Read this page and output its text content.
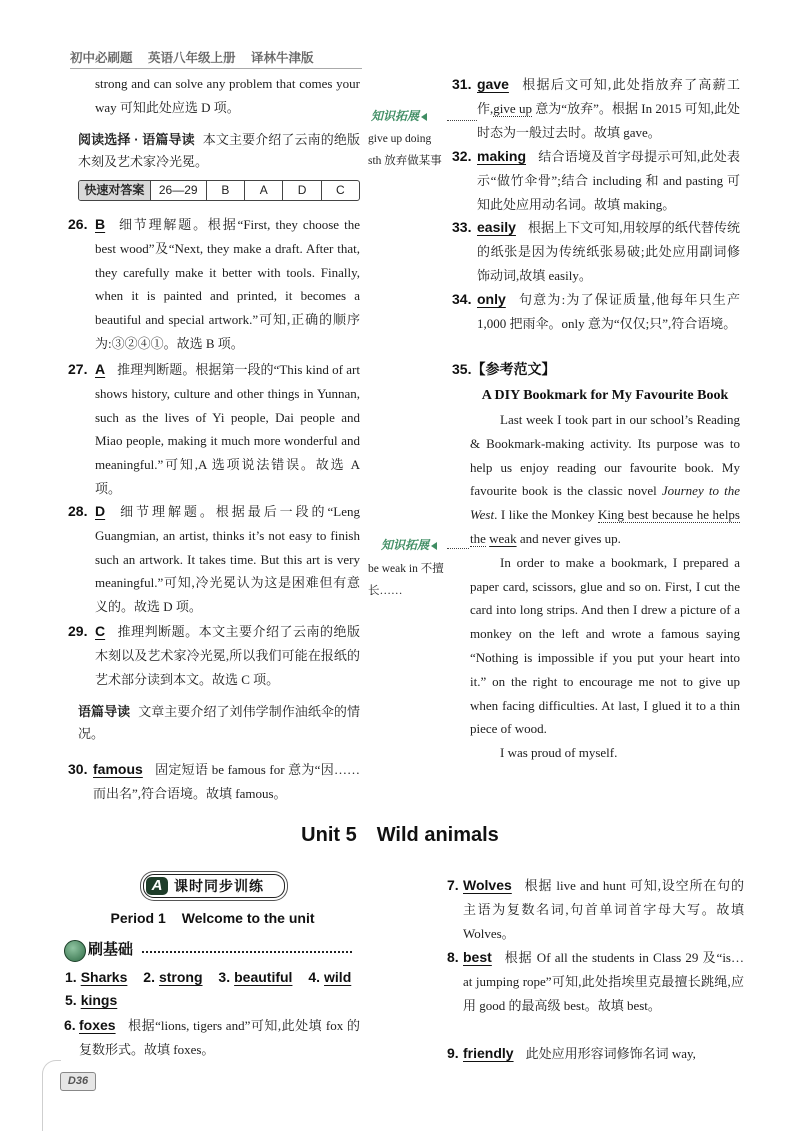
初中必刷题 英语八年级上册 译林牛津版
strong and can solve any problem that comes your way 可知此处应选 D 项。
阅读选择 · 语篇导读 本文主要介绍了云南的绝版木刻及艺术家冷光冕。
快速对答案	26—29	B	A	D	C
26. B 细节理解题。根据“First, they choose the best wood”及“Next, they make a draft. After that, they carefully make it better with tools. Finally, when it is painted and printed, it becomes a beautiful and special artwork.”可知,正确的顺序为:③②④①。故选 B 项。
27. A 推理判断题。根据第一段的“This kind of art shows history, culture and other things in Yunnan, such as the lives of Yi people, Dai people and Miao people, making it much more wonderful and meaningful.”可知,A 选项说法错误。故选 A 项。
28. D 细节理解题。根据最后一段的“Leng Guangmian, an artist, thinks it’s not easy to finish such an artwork. It takes time. But this art is very meaningful.”可知,冷光冕认为这是困难但有意义的。故选 D 项。
29. C 推理判断题。本文主要介绍了云南的绝版木刻以及艺术家冷光冕,所以我们可能在报纸的艺术部分读到本文。故选 C 项。
语篇导读 文章主要介绍了刘伟学制作油纸伞的情况。
30. famous 固定短语 be famous for 意为“因……而出名”,符合语境。故填 famous。
知识拓展
give up doing sth 放弃做某事
知识拓展
be weak in 不擅长……
31. gave 根据后文可知,此处指放弃了高薪工作,give up 意为“放弃”。根据 In 2015 可知,此处时态为一般过去时。故填 gave。
32. making 结合语境及首字母提示可知,此处表示“做竹伞骨”;结合 including 和 and pasting 可知此处应用动名词。故填 making。
33. easily 根据上下文可知,用较厚的纸代替传统的纸张是因为传统纸张易破;此处应用副词修饰动词,故填 easily。
34. only 句意为:为了保证质量,他每年只生产 1,000 把雨伞。only 意为“仅仅;只”,符合语境。
35.【参考范文】
A DIY Bookmark for My Favourite Book

Last week I took part in our school’s Reading & Bookmark-making activity. Its purpose was to help us enjoy reading our favourite book. My favourite book is the classic novel Journey to the West. I like the Monkey King best because he helps the weak and never gives up.

In order to make a bookmark, I prepared a paper card, scissors, glue and so on. First, I cut the card into long strips. And then I drew a picture of a monkey on the left and wrote a famous saying “Nothing is impossible if you put your heart into it.” on the right to encourage me not to give up when facing difficulties. At last, I glued it to a thin piece of wood.

I was proud of myself.

Unit 5 Wild animals
A 课时同步训练
Period 1 Welcome to the unit
刷基础
1. Sharks 2. strong 3. beautiful 4. wild
5. kings
6. foxes 根据“lions, tigers and”可知,此处填 fox 的复数形式。故填 foxes。
7. Wolves 根据 live and hunt 可知,设空所在句的主语为复数名词,句首单词首字母大写。故填 Wolves。
8. best 根据 Of all the students in Class 29 及“is… at jumping rope”可知,此处指埃里克最擅长跳绳,应用 good 的最高级 best。故填 best。
9. friendly 此处应用形容词修饰名词 way,
D36
